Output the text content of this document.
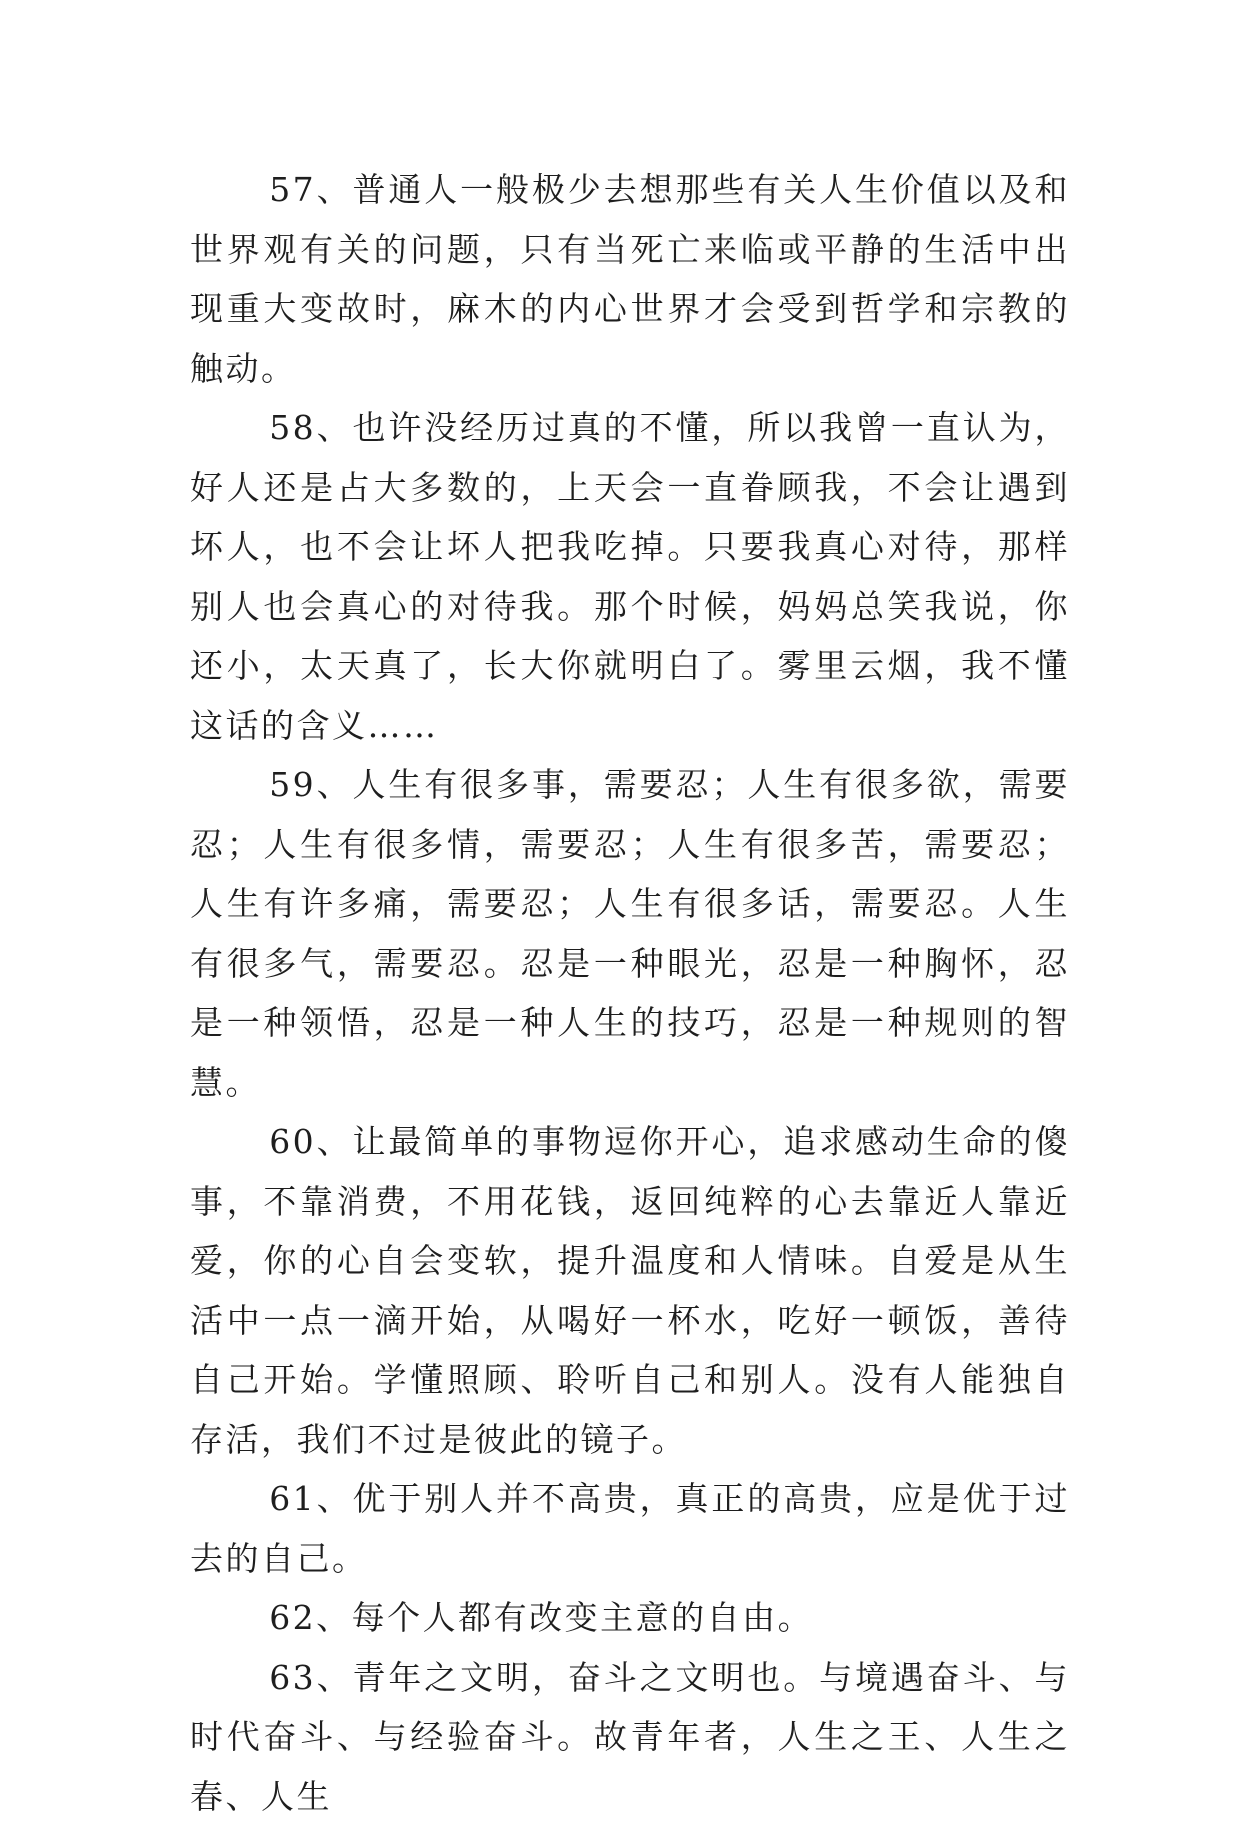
57、普通人一般极少去想那些有关人生价值以及和世界观有关的问题，只有当死亡来临或平静的生活中出现重大变故时，麻木的内心世界才会受到哲学和宗教的触动。

58、也许没经历过真的不懂，所以我曾一直认为，好人还是占大多数的，上天会一直眷顾我，不会让遇到坏人，也不会让坏人把我吃掉。只要我真心对待，那样别人也会真心的对待我。那个时候，妈妈总笑我说，你还小，太天真了，长大你就明白了。雾里云烟，我不懂这话的含义……

59、人生有很多事，需要忍；人生有很多欲，需要忍；人生有很多情，需要忍；人生有很多苦，需要忍；人生有许多痛，需要忍；人生有很多话，需要忍。人生有很多气，需要忍。忍是一种眼光，忍是一种胸怀，忍是一种领悟，忍是一种人生的技巧，忍是一种规则的智慧。

60、让最简单的事物逗你开心，追求感动生命的傻事，不靠消费，不用花钱，返回纯粹的心去靠近人靠近爱，你的心自会变软，提升温度和人情味。自爱是从生活中一点一滴开始，从喝好一杯水，吃好一顿饭，善待自己开始。学懂照顾、聆听自己和别人。没有人能独自存活，我们不过是彼此的镜子。

61、优于别人并不高贵，真正的高贵，应是优于过去的自己。

62、每个人都有改变主意的自由。

63、青年之文明，奋斗之文明也。与境遇奋斗、与时代奋斗、与经验奋斗。故青年者，人生之王、人生之春、人生
